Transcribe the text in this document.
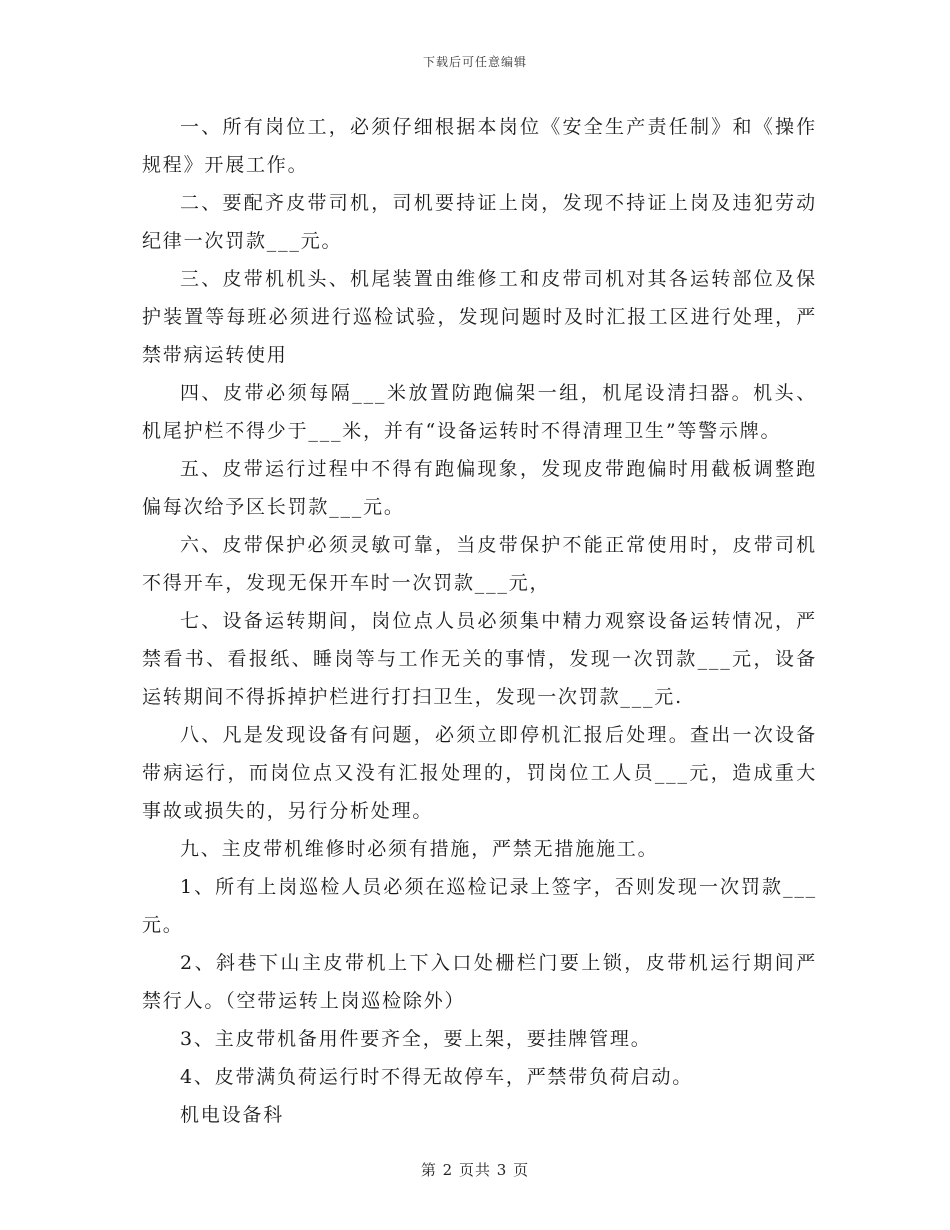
下载后可任意编辑

一、所有岗位工，必须仔细根据本岗位《安全生产责任制》和《操作规程》开展工作。

二、要配齐皮带司机，司机要持证上岗，发现不持证上岗及违犯劳动纪律一次罚款___元。

三、皮带机机头、机尾装置由维修工和皮带司机对其各运转部位及保护装置等每班必须进行巡检试验，发现问题时及时汇报工区进行处理，严禁带病运转使用

四、皮带必须每隔___米放置防跑偏架一组，机尾设清扫器。机头、机尾护栏不得少于___米，并有“设备运转时不得清理卫生”等警示牌。

五、皮带运行过程中不得有跑偏现象，发现皮带跑偏时用截板调整跑偏每次给予区长罚款___元。

六、皮带保护必须灵敏可靠，当皮带保护不能正常使用时，皮带司机不得开车，发现无保开车时一次罚款___元，

七、设备运转期间，岗位点人员必须集中精力观察设备运转情况，严禁看书、看报纸、睡岗等与工作无关的事情，发现一次罚款___元，设备运转期间不得拆掉护栏进行打扫卫生，发现一次罚款___元.

八、凡是发现设备有问题，必须立即停机汇报后处理。查出一次设备带病运行，而岗位点又没有汇报处理的，罚岗位工人员___元，造成重大事故或损失的，另行分析处理。

九、主皮带机维修时必须有措施，严禁无措施施工。

1、所有上岗巡检人员必须在巡检记录上签字，否则发现一次罚款___元。

2、斜巷下山主皮带机上下入口处栅栏门要上锁，皮带机运行期间严禁行人。（空带运转上岗巡检除外）

3、主皮带机备用件要齐全，要上架，要挂牌管理。

4、皮带满负荷运行时不得无故停车，严禁带负荷启动。

机电设备科

第 2 页共 3 页
